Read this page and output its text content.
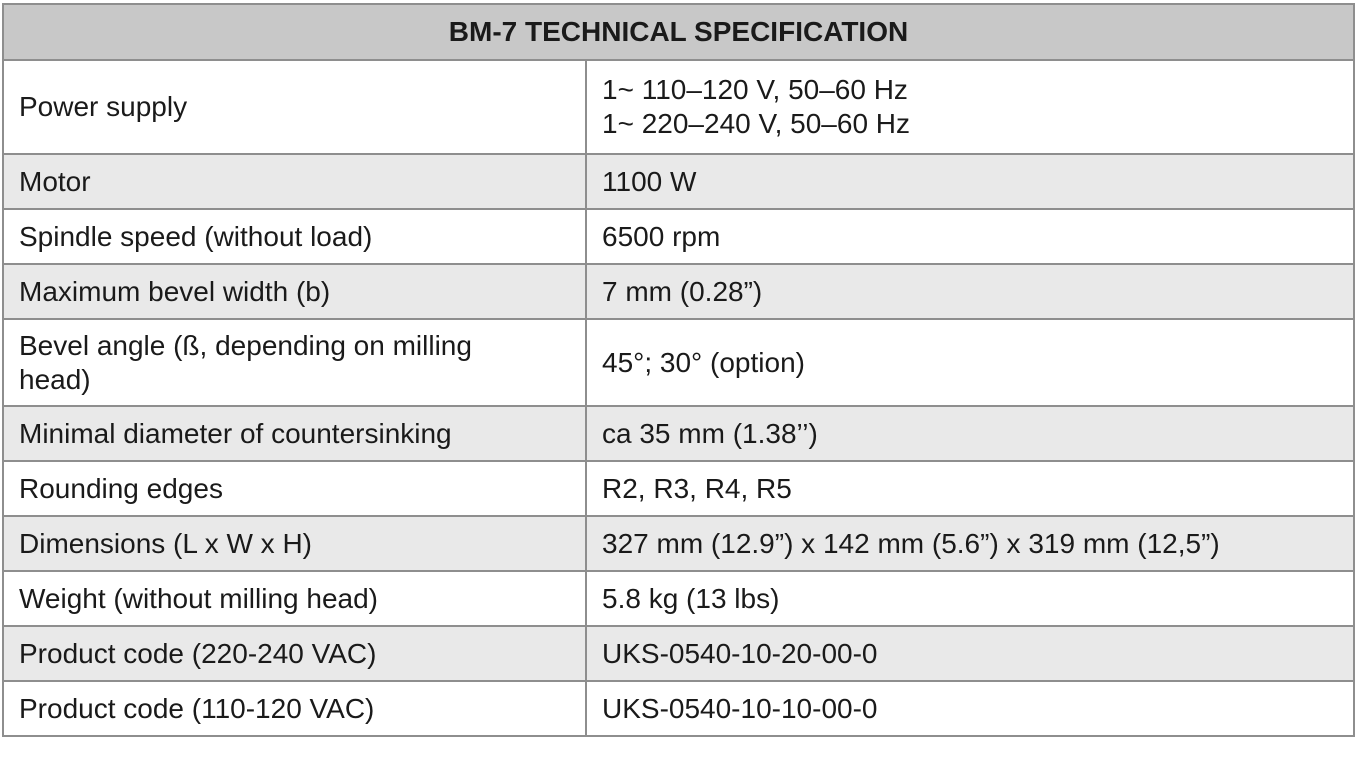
BM-7 TECHNICAL SPECIFICATION	
Power supply	1~ 110–120 V, 50–60 Hz
1~ 220–240 V, 50–60 Hz

Motor	1100 W
Spindle speed (without load)	6500 rpm
Maximum bevel width (b)	7 mm (0.28”)

Bevel angle (ß, depending on milling
head)	45°; 30° (option)
Minimal diameter of countersinking	ca 35 mm (1.38’’)
Rounding edges	R2, R3, R4, R5
Dimensions (L x W x H)	327 mm (12.9”) x 142 mm (5.6”) x 319 mm (12,5”)
Weight (without milling head)	5.8 kg (13 lbs)
Product code (220-240 VAC)	UKS-0540-10-20-00-0
Product code (110-120 VAC)	UKS-0540-10-10-00-0
